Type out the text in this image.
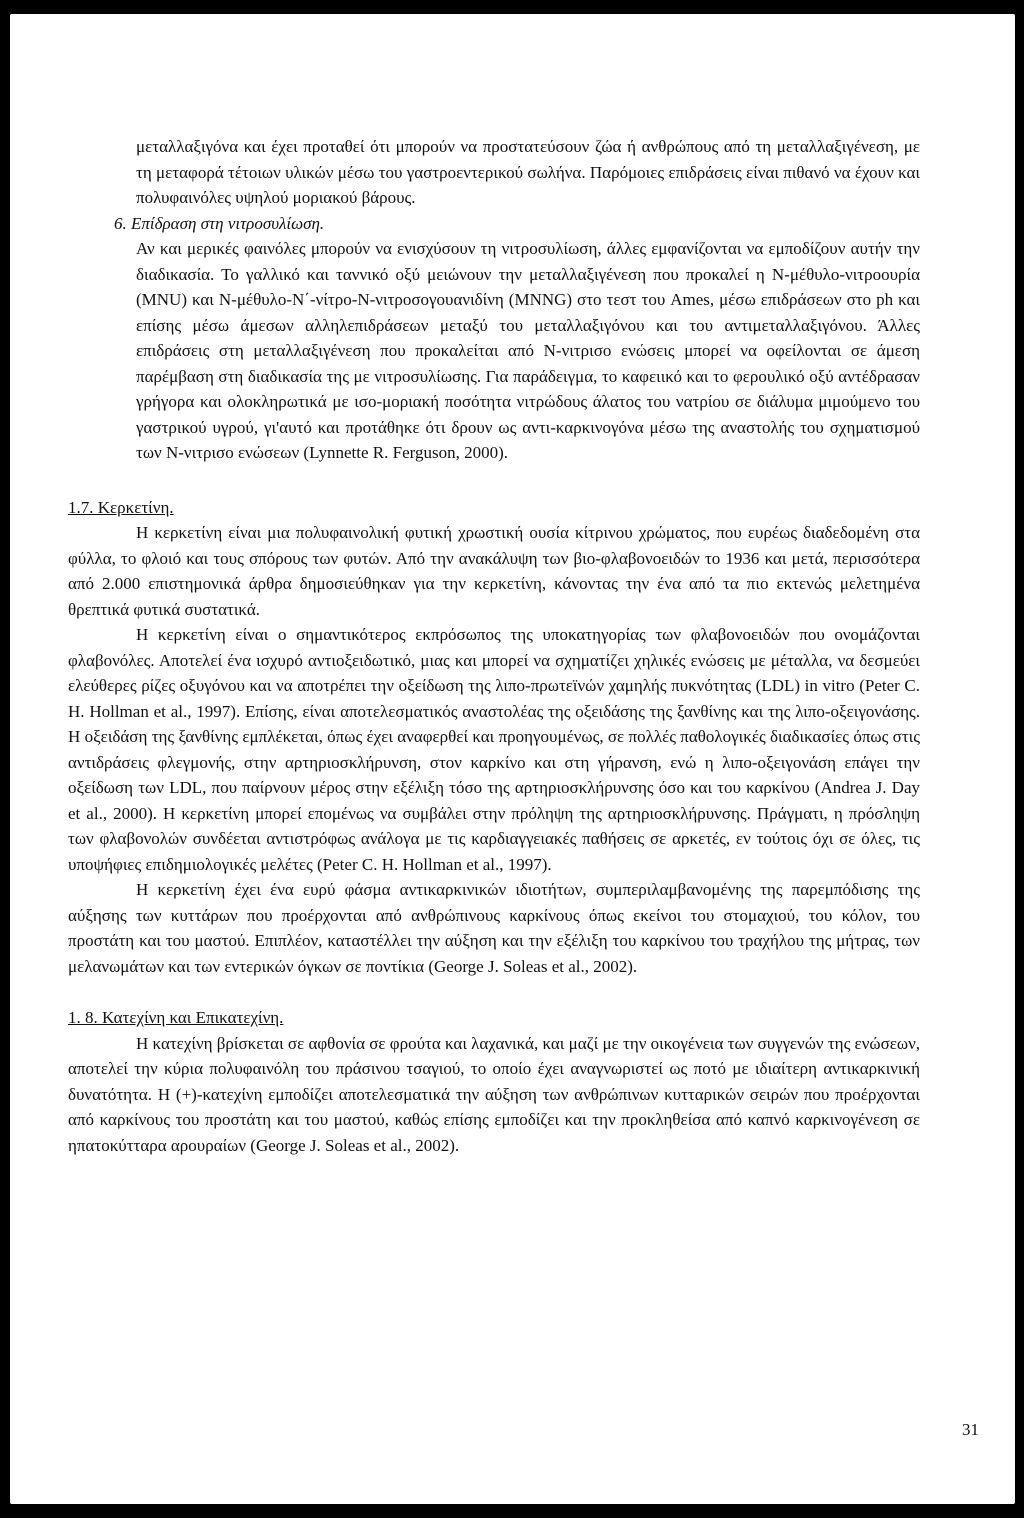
μεταλλαξιγόνα και έχει προταθεί ότι μπορούν να προστατεύσουν ζώα ή ανθρώπους από τη μεταλλαξιγένεση, με τη μεταφορά τέτοιων υλικών μέσω του γαστροεντερικού σωλήνα. Παρόμοιες επιδράσεις είναι πιθανό να έχουν και πολυφαινόλες υψηλού μοριακού βάρους.

6. Επίδραση στη νιτροσυλίωση.

Αν και μερικές φαινόλες μπορούν να ενισχύσουν τη νιτροσυλίωση, άλλες εμφανίζονται να εμποδίζουν αυτήν την διαδικασία. Το γαλλικό και ταννικό οξύ μειώνουν την μεταλλαξιγένεση που προκαλεί η Ν-μέθυλο-νιτροουρία (ΜΝU) και Ν-μέθυλο-Ν΄-νίτρο-Ν-νιτροσογουανιδίνη (ΜΝΝG) στο τεστ του Ames, μέσω επιδράσεων στο ph και επίσης μέσω άμεσων αλληλεπιδράσεων μεταξύ του μεταλλαξιγόνου και του αντιμεταλλαξιγόνου. Άλλες επιδράσεις στη μεταλλαξιγένεση που προκαλείται από Ν-νιτρισο ενώσεις μπορεί να οφείλονται σε άμεση παρέμβαση στη διαδικασία της με νιτροσυλίωσης. Για παράδειγμα, το καφειικό και το φερουλικό οξύ αντέδρασαν γρήγορα και ολοκληρωτικά με ισο-μοριακή ποσότητα νιτρώδους άλατος του νατρίου σε διάλυμα μιμούμενο του γαστρικού υγρού, γι'αυτό και προτάθηκε ότι δρουν ως αντι-καρκινογόνα μέσω της αναστολής του σχηματισμού των Ν-νιτρισο ενώσεων (Lynnette R. Ferguson, 2000).

1.7. Κερκετίνη.

Η κερκετίνη είναι μια πολυφαινολική φυτική χρωστική ουσία κίτρινου χρώματος, που ευρέως διαδεδομένη στα φύλλα, το φλοιό και τους σπόρους των φυτών. Από την ανακάλυψη των βιο-φλαβονοειδών το 1936 και μετά, περισσότερα από 2.000 επιστημονικά άρθρα δημοσιεύθηκαν για την κερκετίνη, κάνοντας την ένα από τα πιο εκτενώς μελετημένα θρεπτικά φυτικά συστατικά.

Η κερκετίνη είναι ο σημαντικότερος εκπρόσωπος της υποκατηγορίας των φλαβονοειδών που ονομάζονται φλαβονόλες. Αποτελεί ένα ισχυρό αντιοξειδωτικό, μιας και μπορεί να σχηματίζει χηλικές ενώσεις με μέταλλα, να δεσμεύει ελεύθερες ρίζες οξυγόνου και να αποτρέπει την οξείδωση της λιπο-πρωτεϊνών χαμηλής πυκνότητας (LDL) in vitro (Peter C. H. Hollman et al., 1997). Επίσης, είναι αποτελεσματικός αναστολέας της οξειδάσης της ξανθίνης και της λιπο-οξειγονάσης. Η οξειδάση της ξανθίνης εμπλέκεται, όπως έχει αναφερθεί και προηγουμένως, σε πολλές παθολογικές διαδικασίες όπως στις αντιδράσεις φλεγμονής, στην αρτηριοσκλήρυνση, στον καρκίνο και στη γήρανση, ενώ η λιπο-οξειγονάση επάγει την οξείδωση των LDL, που παίρνουν μέρος στην εξέλιξη τόσο της αρτηριοσκλήρυνσης όσο και του καρκίνου (Andrea J. Day et al., 2000). Η κερκετίνη μπορεί επομένως να συμβάλει στην πρόληψη της αρτηριοσκλήρυνσης. Πράγματι, η πρόσληψη των φλαβονολών συνδέεται αντιστρόφως ανάλογα με τις καρδιαγγειακές παθήσεις σε αρκετές, εν τούτοις όχι σε όλες, τις υποψήφιες επιδημιολογικές μελέτες (Peter C. H. Hollman et al., 1997).

Η κερκετίνη έχει ένα ευρύ φάσμα αντικαρκινικών ιδιοτήτων, συμπεριλαμβανομένης της παρεμπόδισης της αύξησης των κυττάρων που προέρχονται από ανθρώπινους καρκίνους όπως εκείνοι του στομαχιού, του κόλον, του προστάτη και του μαστού. Επιπλέον, καταστέλλει την αύξηση και την εξέλιξη του καρκίνου του τραχήλου της μήτρας, των μελανωμάτων και των εντερικών όγκων σε ποντίκια (George J. Soleas et al., 2002).

1. 8. Κατεχίνη και Επικατεχίνη.

Η κατεχίνη βρίσκεται σε αφθονία σε φρούτα και λαχανικά, και μαζί με την οικογένεια των συγγενών της ενώσεων, αποτελεί την κύρια πολυφαινόλη του πράσινου τσαγιού, το οποίο έχει αναγνωριστεί ως ποτό με ιδιαίτερη αντικαρκινική δυνατότητα. Η (+)-κατεχίνη εμποδίζει αποτελεσματικά την αύξηση των ανθρώπινων κυτταρικών σειρών που προέρχονται από καρκίνους του προστάτη και του μαστού, καθώς επίσης εμποδίζει και την προκληθείσα από καπνό καρκινογένεση σε ηπατοκύτταρα αρουραίων (George J. Soleas et al., 2002).

31
